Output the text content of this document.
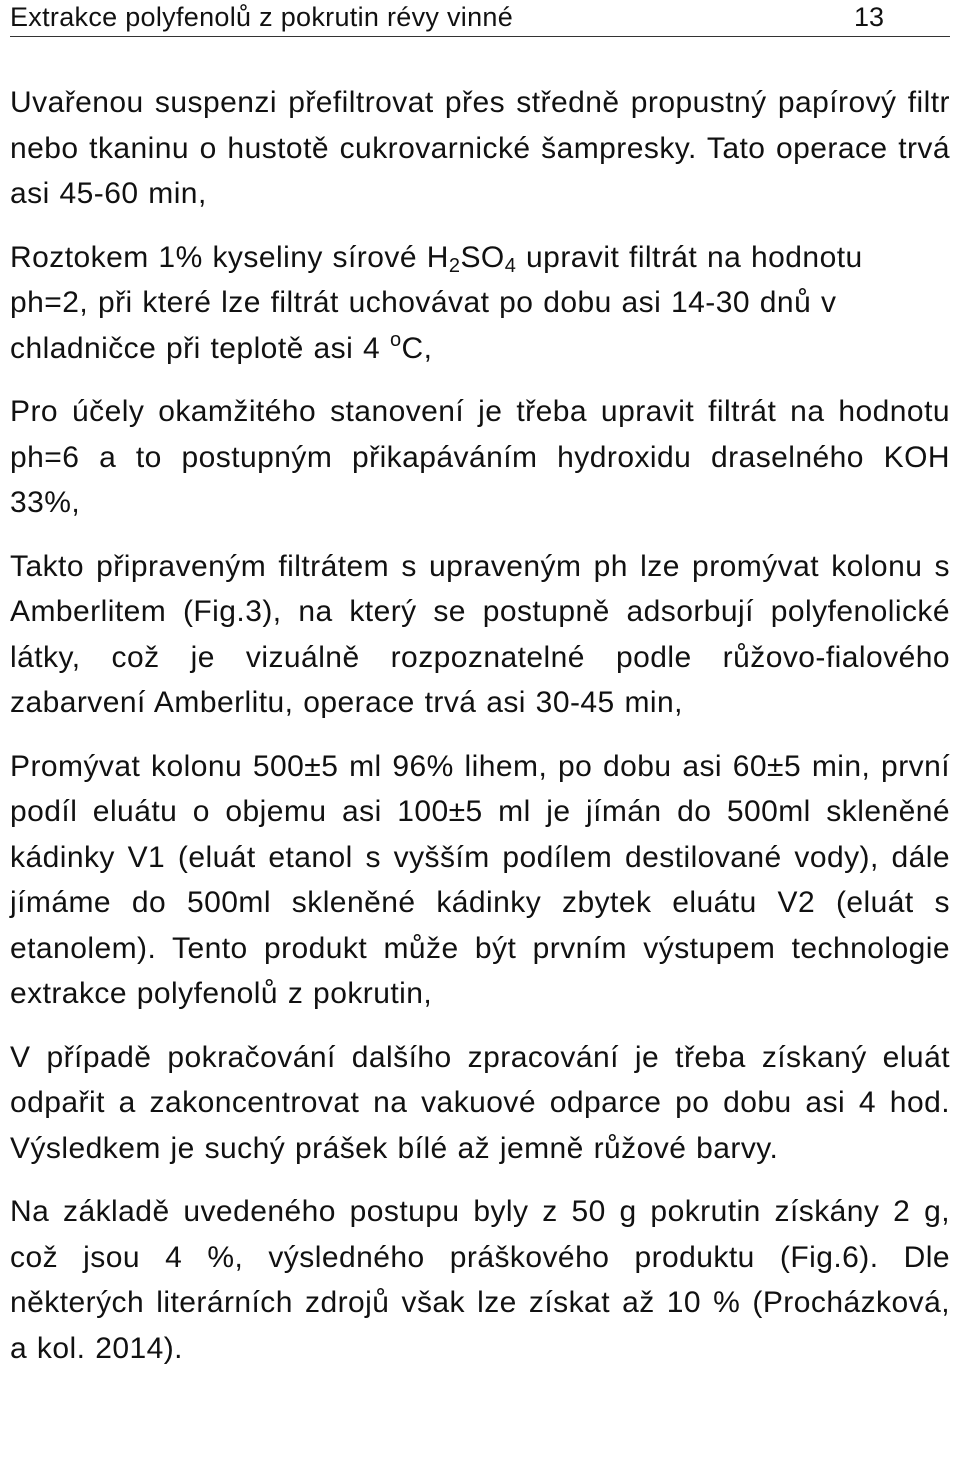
Extrakce polyfenolů z pokrutin révy vinné	13

Uvařenou suspenzi přefiltrovat přes středně propustný papírový filtr nebo tkaninu o hustotě cukrovarnické šampresky. Tato operace trvá asi 45-60 min,

Roztokem 1% kyseliny sírové $H_2SO_4$ upravit filtrát na hodnotu ph=2, při které lze filtrát uchovávat po dobu asi 14-30 dnů v chladničce při teplotě asi 4 $^o$C,

Pro účely okamžitého stanovení je třeba upravit filtrát na hodnotu ph=6 a to postupným přikapáváním hydroxidu draselného KOH 33%,

Takto připraveným filtrátem s upraveným ph lze promývat kolonu s Amberlitem (Fig.3), na který se postupně adsorbují polyfenolické látky, což je vizuálně rozpoznatelné podle růžovo-fialového zabarvení Amberlitu, operace trvá asi 30-45 min,

Promývat kolonu 500±5 ml 96% lihem, po dobu asi 60±5 min, první podíl eluátu o objemu asi 100±5 ml je jímán do 500ml skleněné kádinky V1 (eluát etanol s vyšším podílem destilované vody), dále jímáme do 500ml skleněné kádinky zbytek eluátu V2 (eluát s etanolem). Tento produkt může být prvním výstupem technologie extrakce polyfenolů z pokrutin,

V případě pokračování dalšího zpracování je třeba získaný eluát odpařit a zakoncentrovat na vakuové odparce po dobu asi 4 hod. Výsledkem je suchý prášek bílé až jemně růžové barvy.

Na základě uvedeného postupu byly z 50 g pokrutin získány 2 g, což jsou 4 %, výsledného práškového produktu (Fig.6). Dle některých literárních zdrojů však lze získat až 10 % (Procházková, a kol. 2014).
